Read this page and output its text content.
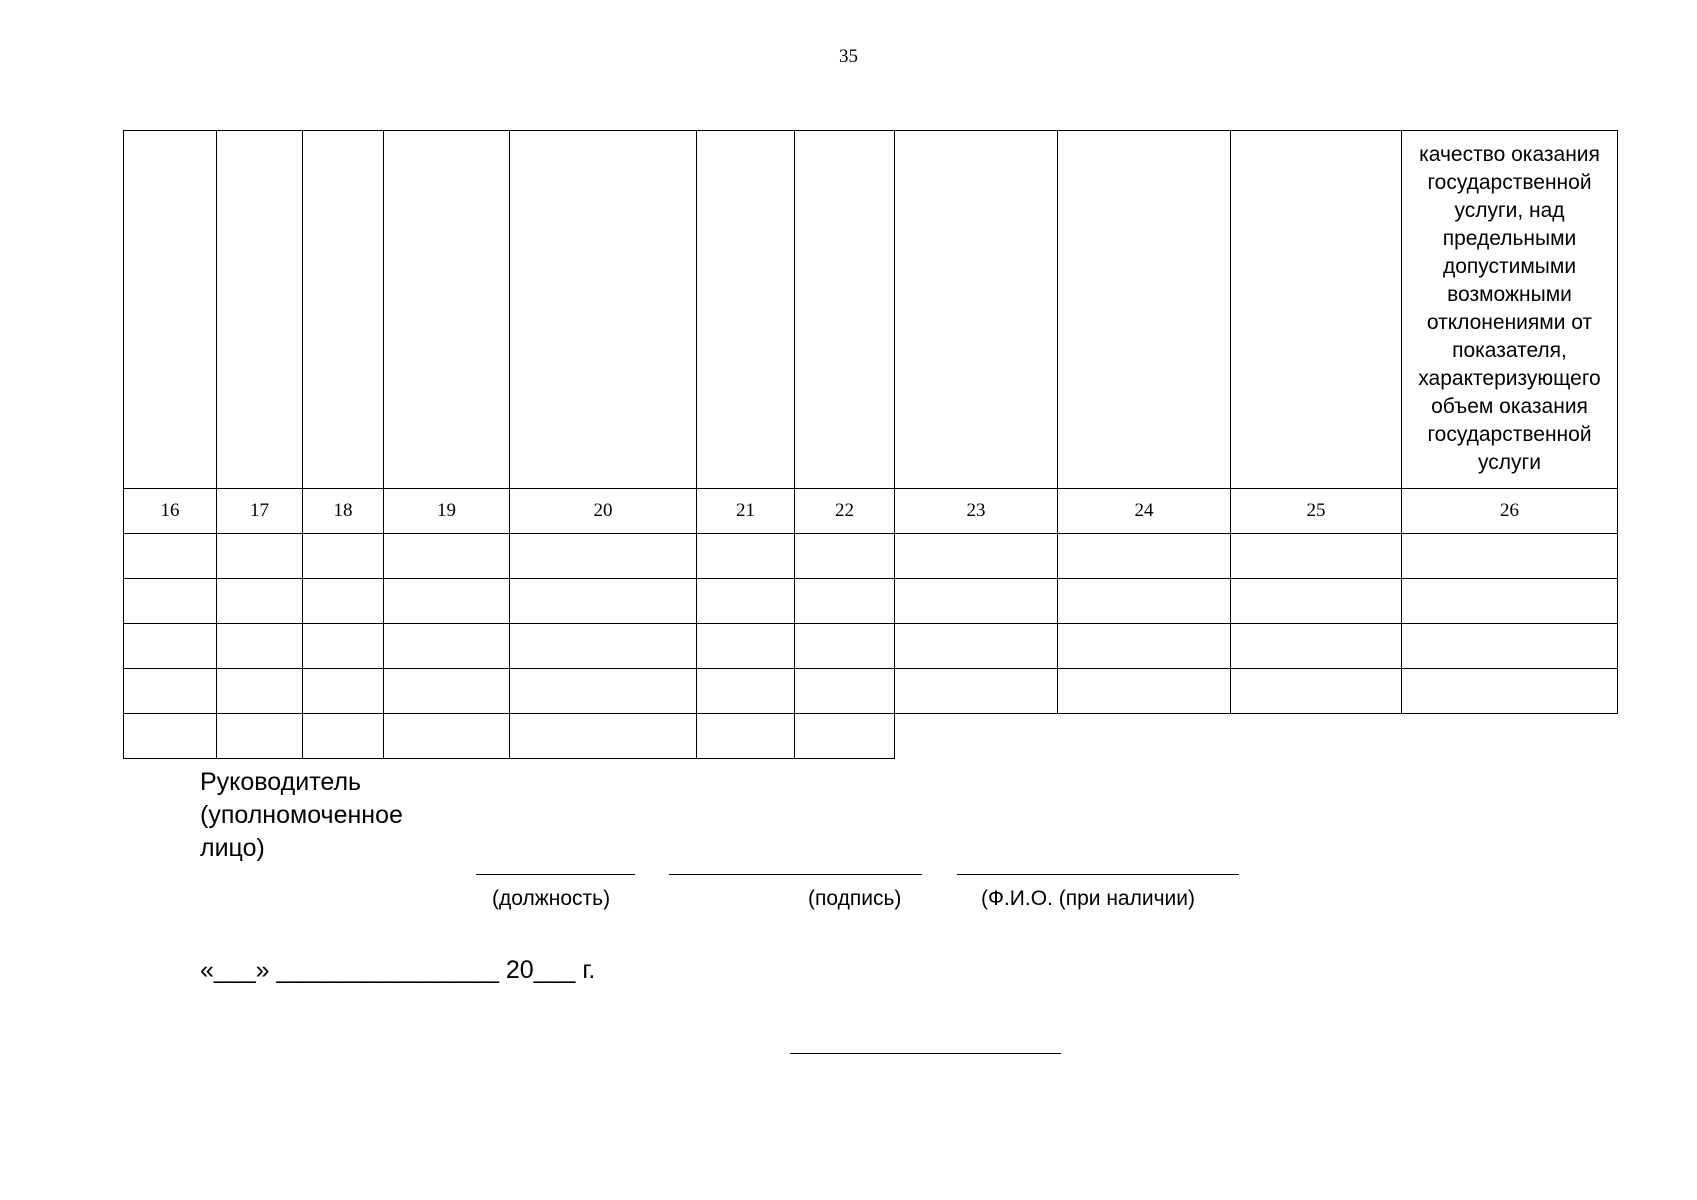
35

										качество оказания государственной услуги, над предельными допустимыми возможными отклонениями от показателя, характеризующего объем оказания государственной услуги

16	17	18	19	20	21	22	23	24	25	26

Руководитель (уполномоченное лицо)
(должность)	(подпись)	(Ф.И.О. (при наличии)
«___» ________________ 20___ г.
